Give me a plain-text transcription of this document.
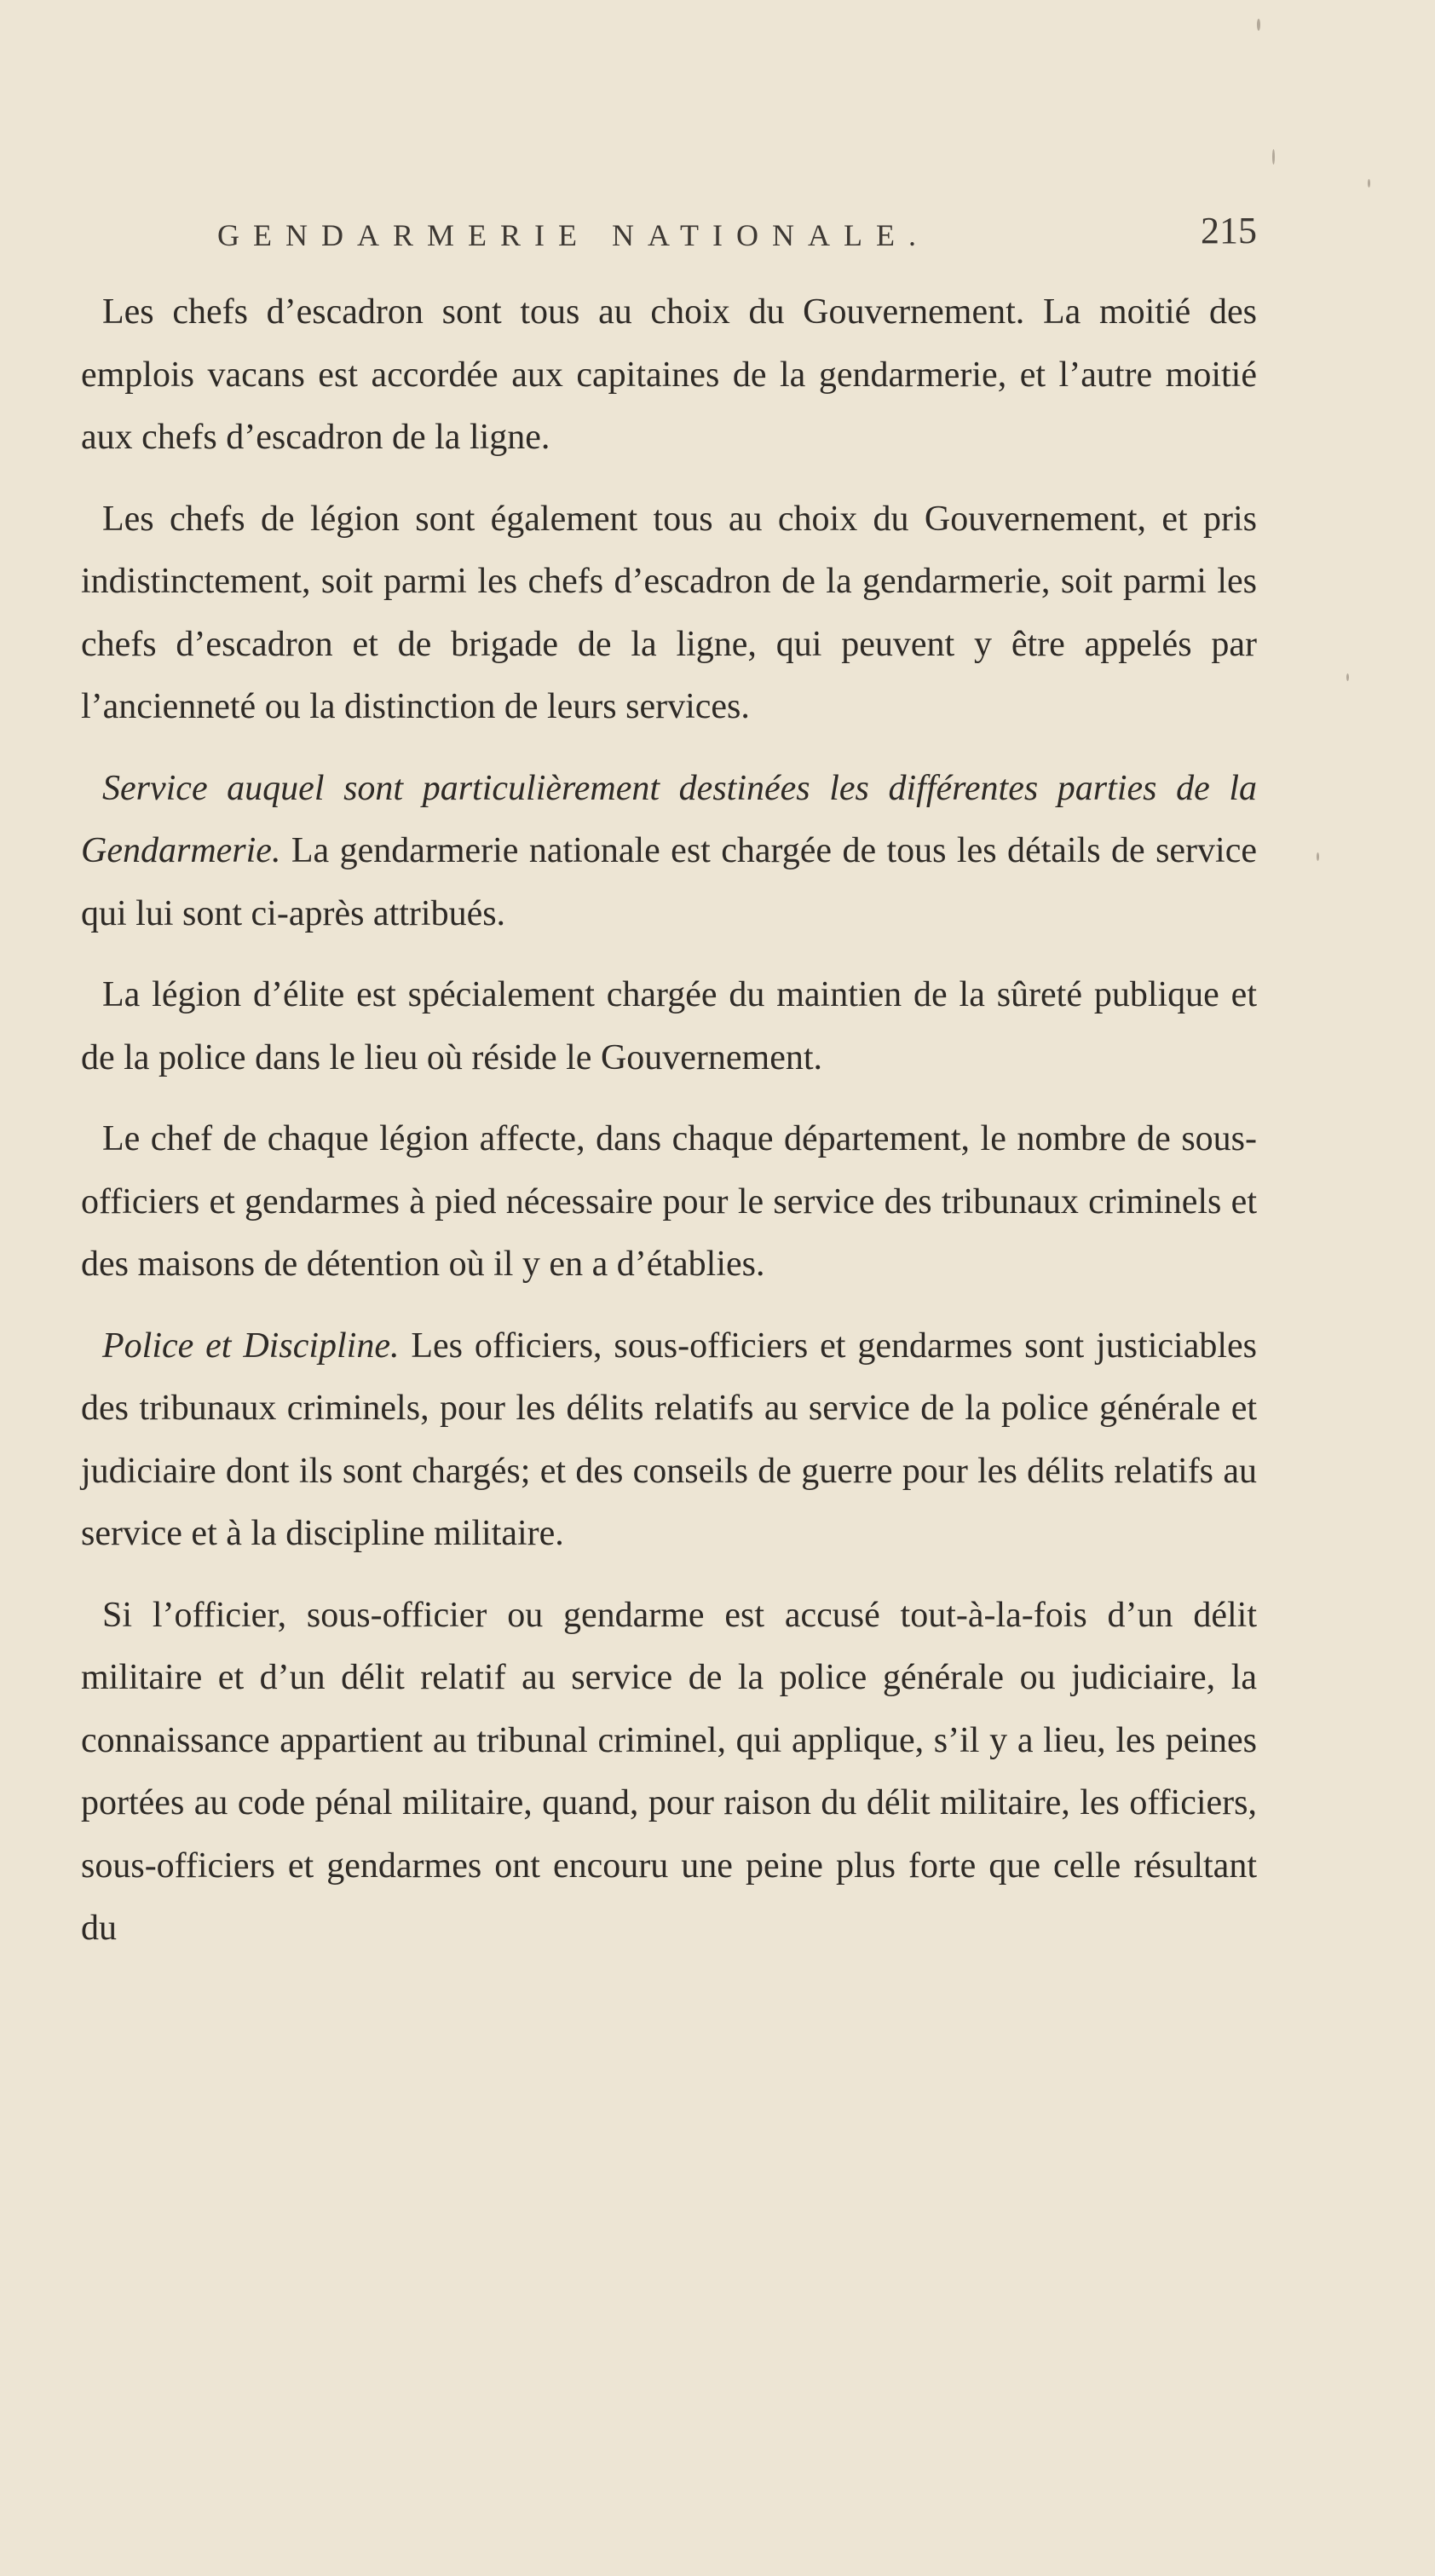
GENDARMERIE NATIONALE.	215

Les chefs d’escadron sont tous au choix du Gouvernement. La moitié des emplois vacans est accordée aux capitaines de la gendarmerie, et l’autre moitié aux chefs d’escadron de la ligne.

Les chefs de légion sont également tous au choix du Gouvernement, et pris indistinctement, soit parmi les chefs d’escadron de la gendarmerie, soit parmi les chefs d’escadron et de brigade de la ligne, qui peuvent y être appelés par l’ancienneté ou la distinction de leurs services.

Service auquel sont particulièrement destinées les différentes parties de la Gendarmerie. La gendarmerie nationale est chargée de tous les détails de service qui lui sont ci-après attribués.

La légion d’élite est spécialement chargée du maintien de la sûreté publique et de la police dans le lieu où réside le Gouvernement.

Le chef de chaque légion affecte, dans chaque département, le nombre de sous-officiers et gendarmes à pied nécessaire pour le service des tribunaux criminels et des maisons de détention où il y en a d’établies.

Police et Discipline. Les officiers, sous-officiers et gendarmes sont justiciables des tribunaux criminels, pour les délits relatifs au service de la police générale et judiciaire dont ils sont chargés; et des conseils de guerre pour les délits relatifs au service et à la discipline militaire.

Si l’officier, sous-officier ou gendarme est accusé tout-à-la-fois d’un délit militaire et d’un délit relatif au service de la police générale ou judiciaire, la connaissance appartient au tribunal criminel, qui applique, s’il y a lieu, les peines portées au code pénal militaire, quand, pour raison du délit militaire, les officiers, sous-officiers et gendarmes ont encouru une peine plus forte que celle résultant du
